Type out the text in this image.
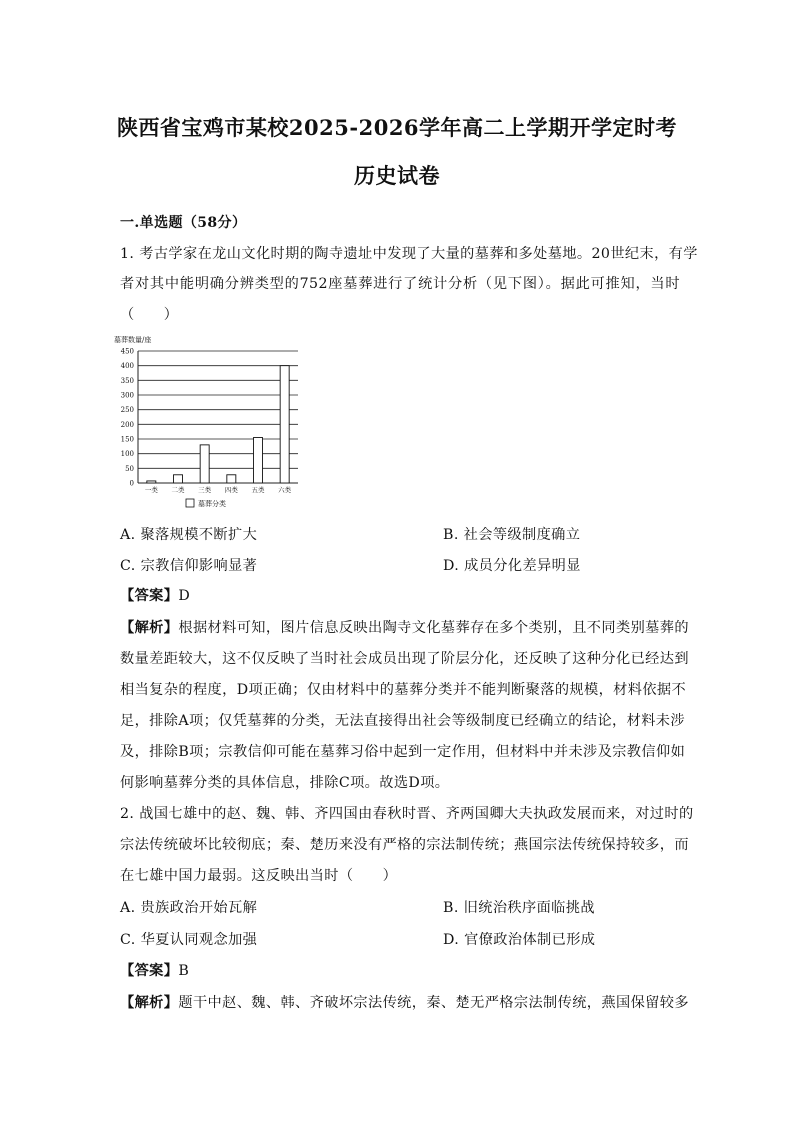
陕西省宝鸡市某校2025-2026学年高二上学期开学定时考
历史试卷
一.单选题（58分）
1. 考古学家在龙山文化时期的陶寺遗址中发现了大量的墓葬和多处墓地。20世纪末，有学
者对其中能明确分辨类型的752座墓葬进行了统计分析（见下图）。据此可推知，当时
（　　）
墓葬数量/座
0
50
100
150
200
250
300
350
400
450
一类 二类 三类 四类 五类 六类
墓葬分类
A. 聚落规模不断扩大	B. 社会等级制度确立
C. 宗教信仰影响显著	D. 成员分化差异明显
【答案】D
【解析】根据材料可知，图片信息反映出陶寺文化墓葬存在多个类别，且不同类别墓葬的
数量差距较大，这不仅反映了当时社会成员出现了阶层分化，还反映了这种分化已经达到
相当复杂的程度，D项正确；仅由材料中的墓葬分类并不能判断聚落的规模，材料依据不
足，排除A项；仅凭墓葬的分类，无法直接得出社会等级制度已经确立的结论，材料未涉
及，排除B项；宗教信仰可能在墓葬习俗中起到一定作用，但材料中并未涉及宗教信仰如
何影响墓葬分类的具体信息，排除C项。故选D项。
2. 战国七雄中的赵、魏、韩、齐四国由春秋时晋、齐两国卿大夫执政发展而来，对过时的
宗法传统破坏比较彻底；秦、楚历来没有严格的宗法制传统；燕国宗法传统保持较多，而
在七雄中国力最弱。这反映出当时（　　）
A. 贵族政治开始瓦解	B. 旧统治秩序面临挑战
C. 华夏认同观念加强	D. 官僚政治体制已形成
【答案】B
【解析】题干中赵、魏、韩、齐破坏宗法传统，秦、楚无严格宗法制传统，燕国保留较多
